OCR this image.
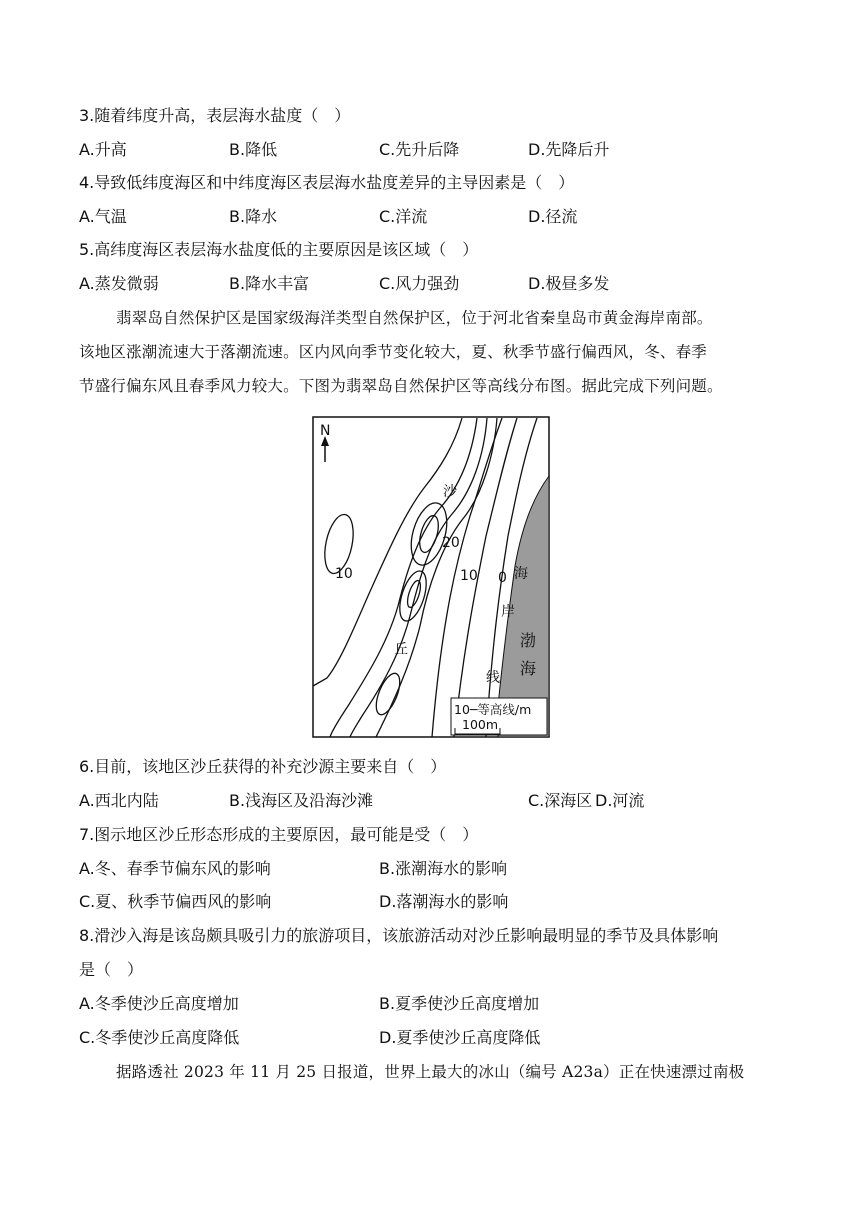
3.随着纬度升高，表层海水盐度（　）
A.升高	B.降低	C.先升后降	D.先降后升
4.导致低纬度海区和中纬度海区表层海水盐度差异的主导因素是（　）
A.气温	B.降水	C.洋流	D.径流
5.高纬度海区表层海水盐度低的主要原因是该区域（　）
A.蒸发微弱	B.降水丰富	C.风力强劲	D.极昼多发
翡翠岛自然保护区是国家级海洋类型自然保护区，位于河北省秦皇岛市黄金海岸南部。
该地区涨潮流速大于落潮流速。区内风向季节变化较大，夏、秋季节盛行偏西风，冬、春季
节盛行偏东风且春季风力较大。下图为翡翠岛自然保护区等高线分布图。据此完成下列问题。
N
沙
20
10	10 0 海
岸
线
丘	渤
海
10─等高线/m
100m
6.目前，该地区沙丘获得的补充沙源主要来自（　）
A.西北内陆	B.浅海区及沿海沙滩	C.深海区 D.河流
7.图示地区沙丘形态形成的主要原因，最可能是受（　）
A.冬、春季节偏东风的影响	B.涨潮海水的影响
C.夏、秋季节偏西风的影响	D.落潮海水的影响
8.滑沙入海是该岛颇具吸引力的旅游项目，该旅游活动对沙丘影响最明显的季节及具体影响
是（　）
A.冬季使沙丘高度增加	B.夏季使沙丘高度增加
C.冬季使沙丘高度降低	D.夏季使沙丘高度降低
据路透社 2023 年 11 月 25 日报道，世界上最大的冰山（编号 A23a）正在快速漂过南极
